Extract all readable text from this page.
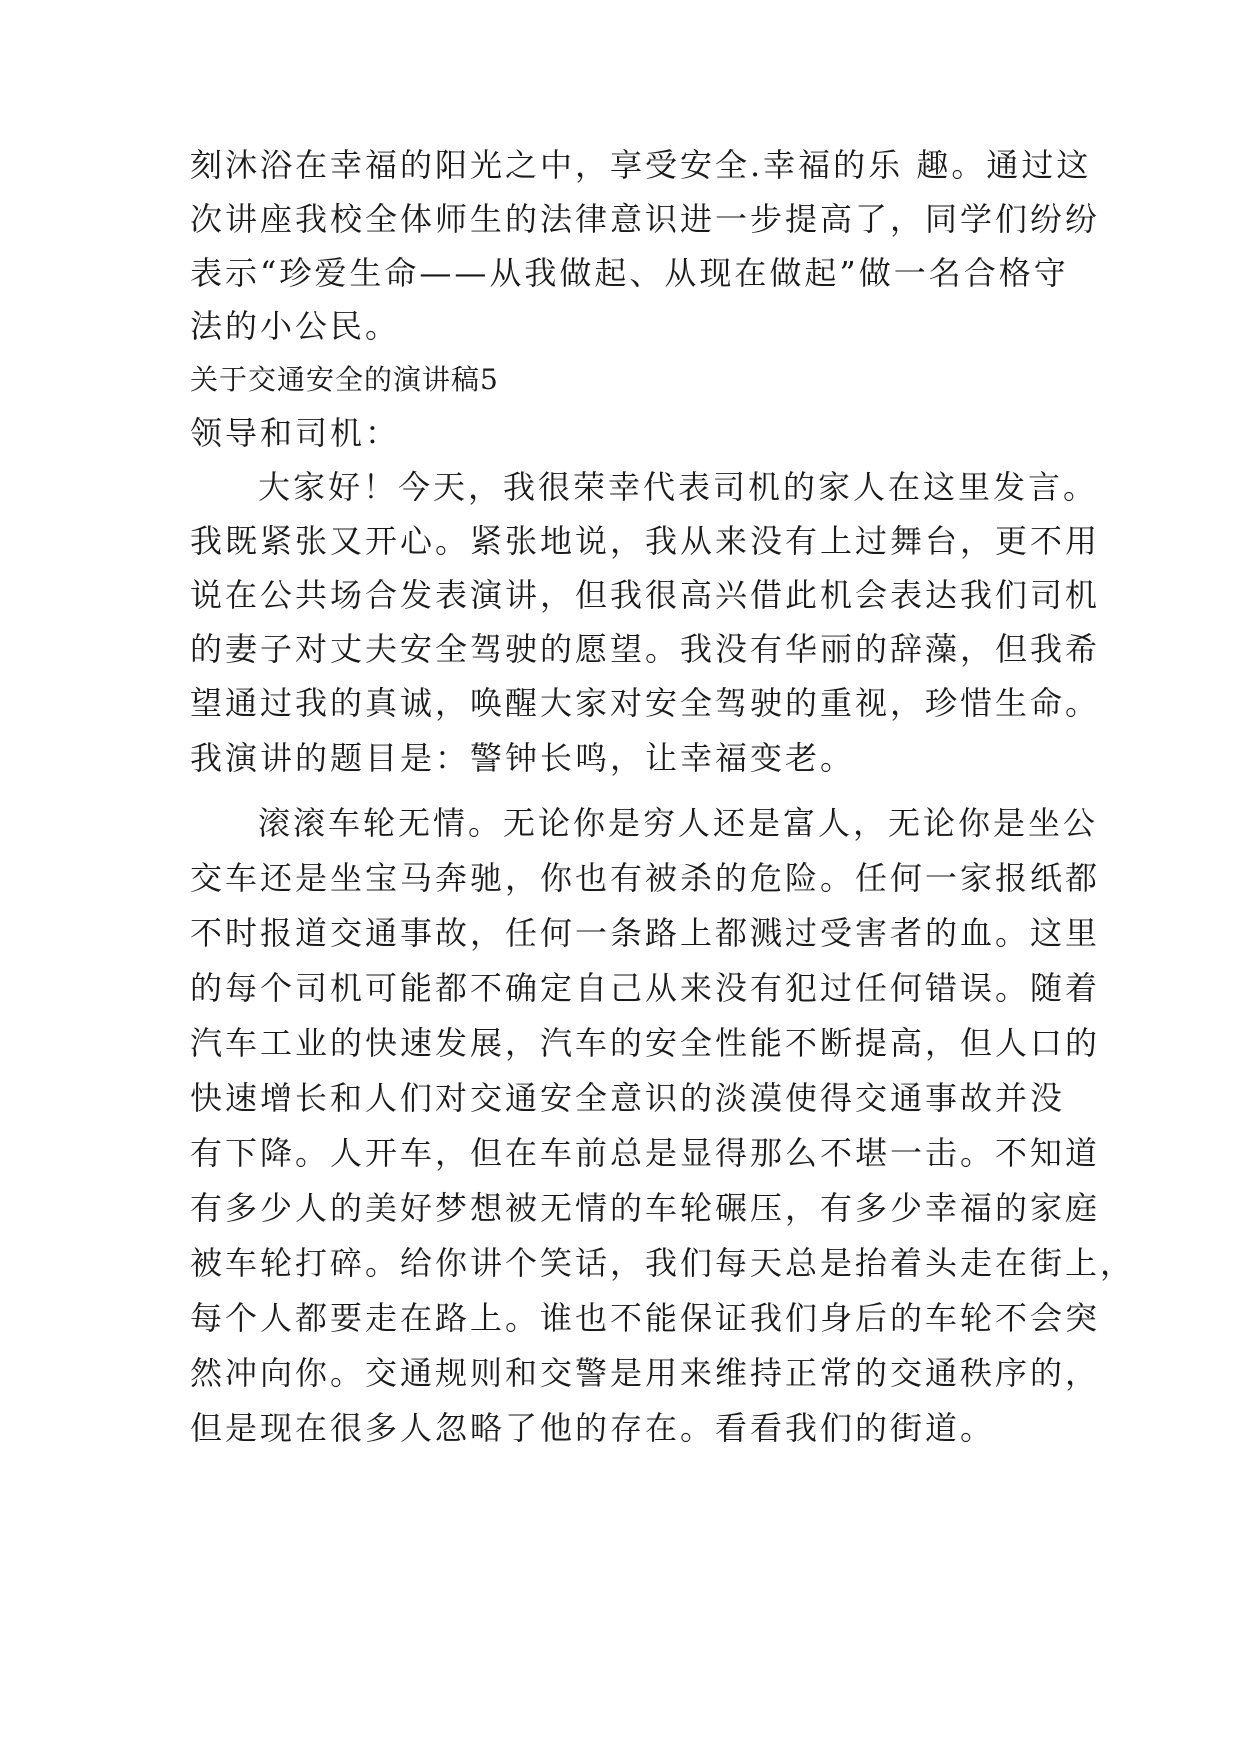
刻沐浴在幸福的阳光之中，享受安全.幸福的乐 趣。通过这
次讲座我校全体师生的法律意识进一步提高了，同学们纷纷
表示“珍爱生命——从我做起、从现在做起”做一名合格守
法的小公民。
关于交通安全的演讲稿5
领导和司机：
大家好！今天，我很荣幸代表司机的家人在这里发言。
我既紧张又开心。紧张地说，我从来没有上过舞台，更不用
说在公共场合发表演讲，但我很高兴借此机会表达我们司机
的妻子对丈夫安全驾驶的愿望。我没有华丽的辞藻，但我希
望通过我的真诚，唤醒大家对安全驾驶的重视，珍惜生命。
我演讲的题目是：警钟长鸣，让幸福变老。
滚滚车轮无情。无论你是穷人还是富人，无论你是坐公
交车还是坐宝马奔驰，你也有被杀的危险。任何一家报纸都
不时报道交通事故，任何一条路上都溅过受害者的血。这里
的每个司机可能都不确定自己从来没有犯过任何错误。随着
汽车工业的快速发展，汽车的安全性能不断提高，但人口的
快速增长和人们对交通安全意识的淡漠使得交通事故并没
有下降。人开车，但在车前总是显得那么不堪一击。不知道
有多少人的美好梦想被无情的车轮碾压，有多少幸福的家庭
被车轮打碎。给你讲个笑话，我们每天总是抬着头走在街上，
每个人都要走在路上。谁也不能保证我们身后的车轮不会突
然冲向你。交通规则和交警是用来维持正常的交通秩序的，
但是现在很多人忽略了他的存在。看看我们的街道。
